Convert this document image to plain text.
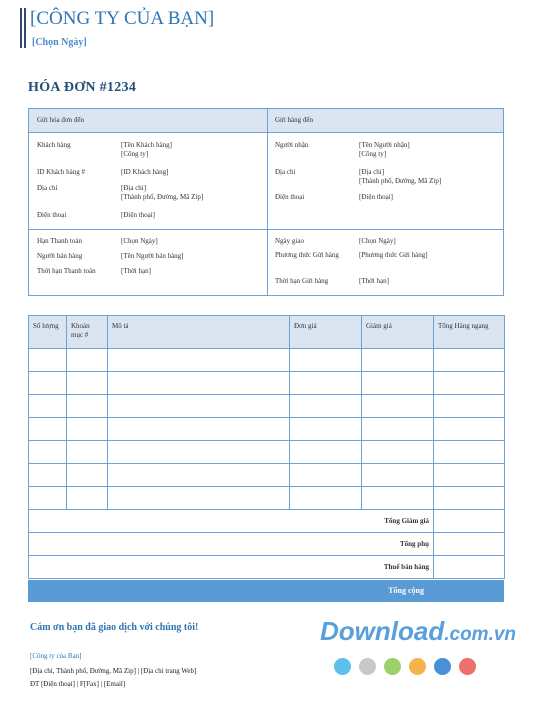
[CÔNG TY CỦA BẠN]
[Chọn Ngày]
HÓA ĐƠN #1234
Gửi hóa đơn đến	Gửi hàng đến
Khách hàng	[Tên Khách hàng]
[Công ty]
ID Khách hàng #	[ID Khách hàng]
Địa chỉ	[Địa chỉ]
[Thành phố, Đường, Mã Zip]
Điện thoại	[Điện thoại]
Người nhận	[Tên Người nhận]
[Công ty]
Địa chỉ	[Địa chỉ]
[Thành phố, Đường, Mã Zip]
Điện thoại	[Điện thoại]
Hạn Thanh toán	[Chọn Ngày]
Người bán hàng	[Tên Người bán hàng]
Thời hạn Thanh toán	[Thời hạn]
Ngày giao	[Chọn Ngày]
Phương thức Gửi hàng	[Phương thức Gửi hàng]
Thời hạn Gửi hàng	[Thời hạn]
Số lượng	Khoản mục #	Mô tả	Đơn giá	Giảm giá	Tổng Hàng ngang

Tổng Giảm giá					
Tổng phụ					
Thuế bán hàng					
Tổng cộng
Cám ơn bạn đã giao dịch với chúng tôi!
[Công ty của Bạn]
[Địa chỉ, Thành phố, Đường, Mã Zip] | [Địa chỉ trang Web]
ĐT [Điện thoại] | F[Fax] | [Email]
Download.com.vn
